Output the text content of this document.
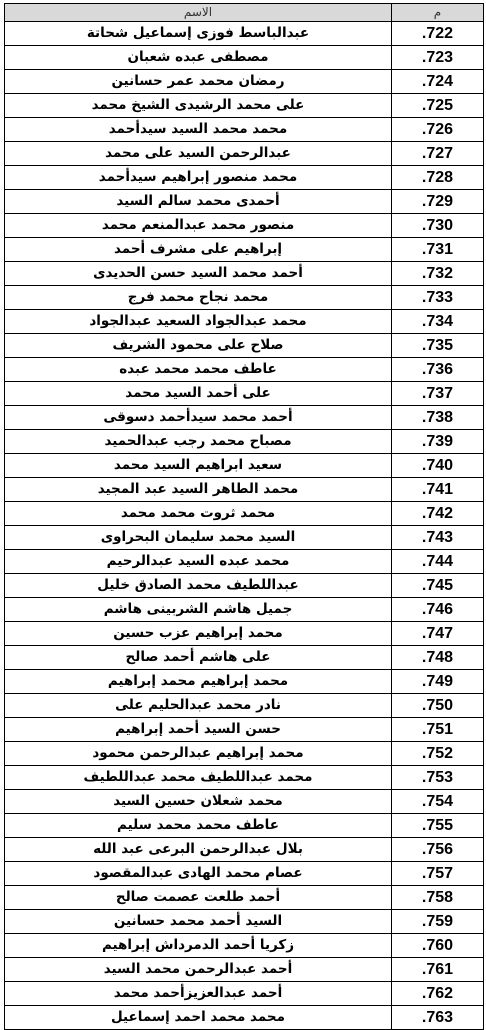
الاسم	م
عبدالباسط فوزى إسماعيل شحاتة	.722
مصطفى عبده شعبان	.723
رمضان محمد عمر حسانين	.724
على محمد الرشيدى الشيخ محمد	.725
محمد محمد السيد سيدأحمد	.726
عبدالرحمن السيد على محمد	.727
محمد منصور إبراهيم سيدأحمد	.728
أحمدى محمد سالم السيد	.729
منصور محمد عبدالمنعم محمد	.730
إبراهيم على مشرف أحمد	.731
أحمد محمد السيد حسن الحديدى	.732
محمد نجاح محمد فرج	.733
محمد عبدالجواد السعيد عبدالجواد	.734
صلاح على محمود الشريف	.735
عاطف محمد محمد عبده	.736
على أحمد السيد محمد	.737
أحمد محمد سيدأحمد دسوقى	.738
مصباح محمد رجب عبدالحميد	.739
سعيد ابراهيم السيد محمد	.740
محمد الطاهر السيد عبد المجيد	.741
محمد ثروت محمد محمد	.742
السيد محمد سليمان البحراوى	.743
محمد عبده السيد عبدالرحيم	.744
عبداللطيف محمد الصادق خليل	.745
جميل هاشم الشربينى هاشم	.746
محمد إبراهيم عزب حسين	.747
على هاشم أحمد صالح	.748
محمد إبراهيم محمد إبراهيم	.749
نادر محمد عبدالحليم على	.750
حسن السيد أحمد إبراهيم	.751
محمد إبراهيم عبدالرحمن محمود	.752
محمد عبداللطيف محمد عبداللطيف	.753
محمد شعلان حسين السيد	.754
عاطف محمد محمد سليم	.755
بلال عبدالرحمن البرعى عبد الله	.756
عصام محمد الهادى عبدالمقصود	.757
أحمد طلعت عصمت صالح	.758
السيد أحمد محمد حسانين	.759
زكريا أحمد الدمرداش إبراهيم	.760
أحمد عبدالرحمن محمد السيد	.761
أحمد عبدالعزيزأحمد محمد	.762
محمد محمد احمد إسماعيل	.763
